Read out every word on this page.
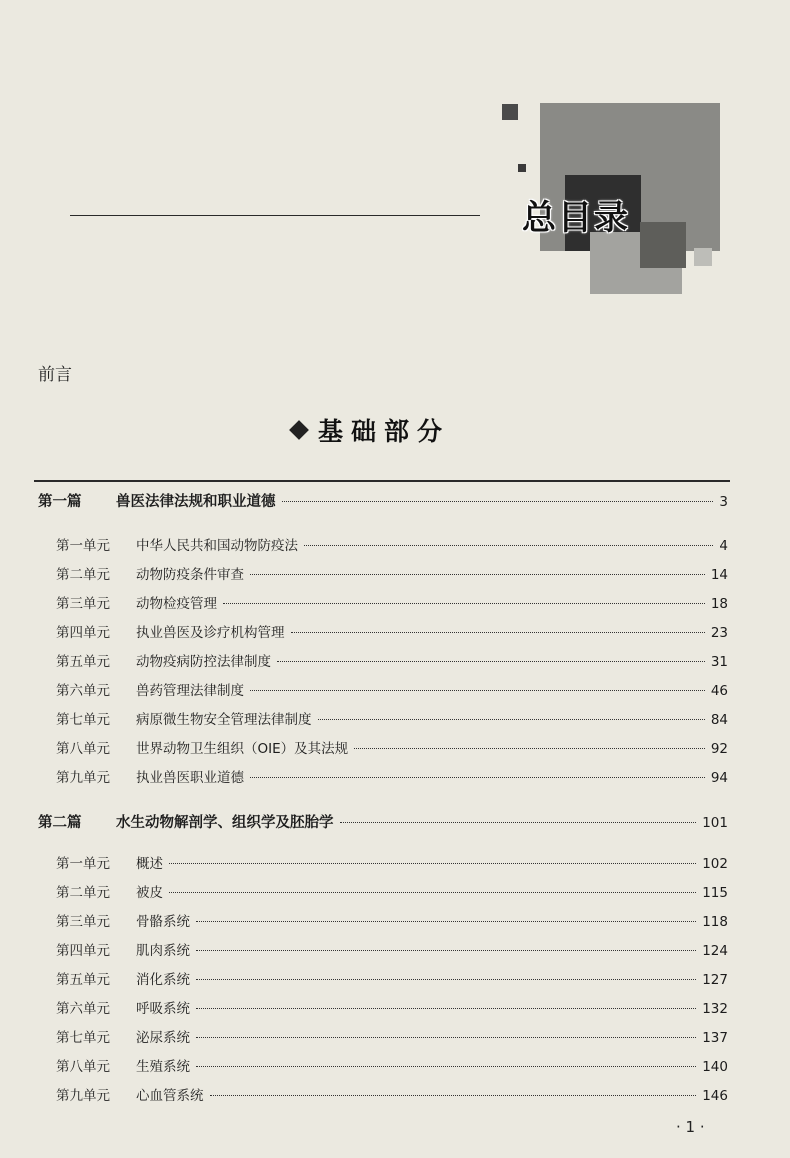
总目录
前言
基础部分
第一篇	兽医法律法规和职业道德	3
第一单元	中华人民共和国动物防疫法	4
第二单元	动物防疫条件审查	14
第三单元	动物检疫管理	18
第四单元	执业兽医及诊疗机构管理	23
第五单元	动物疫病防控法律制度	31
第六单元	兽药管理法律制度	46
第七单元	病原微生物安全管理法律制度	84
第八单元	世界动物卫生组织（OIE）及其法规	92
第九单元	执业兽医职业道德	94
第二篇	水生动物解剖学、组织学及胚胎学	101
第一单元	概述	102
第二单元	被皮	115
第三单元	骨骼系统	118
第四单元	肌肉系统	124
第五单元	消化系统	127
第六单元	呼吸系统	132
第七单元	泌尿系统	137
第八单元	生殖系统	140
第九单元	心血管系统	146
· 1 ·
